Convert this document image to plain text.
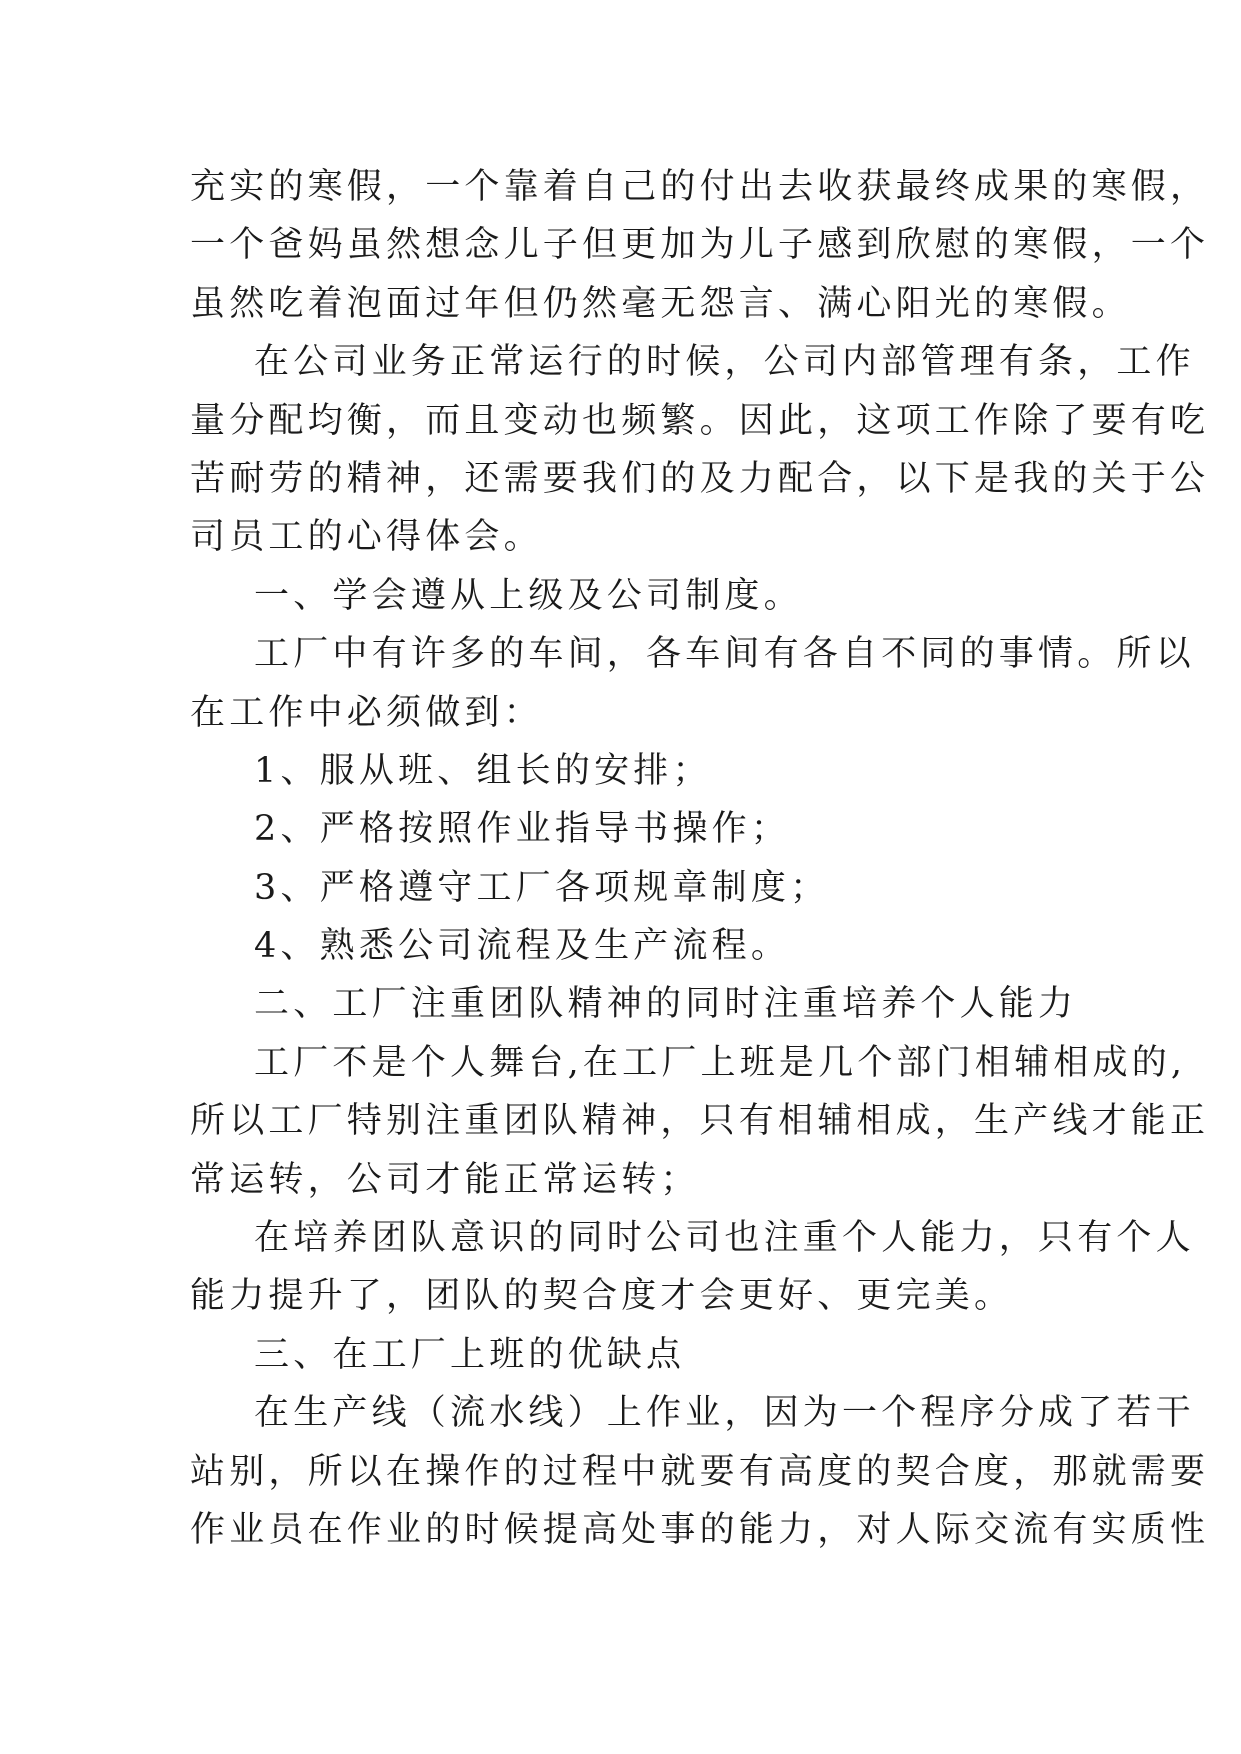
充实的寒假，一个靠着自己的付出去收获最终成果的寒假，
一个爸妈虽然想念儿子但更加为儿子感到欣慰的寒假，一个
虽然吃着泡面过年但仍然毫无怨言、满心阳光的寒假。
在公司业务正常运行的时候，公司内部管理有条，工作
量分配均衡，而且变动也频繁。因此，这项工作除了要有吃
苦耐劳的精神，还需要我们的及力配合，以下是我的关于公
司员工的心得体会。
一、学会遵从上级及公司制度。
工厂中有许多的车间，各车间有各自不同的事情。所以
在工作中必须做到：
1、服从班、组长的安排；
2、严格按照作业指导书操作；
3、严格遵守工厂各项规章制度；
4、熟悉公司流程及生产流程。
二、工厂注重团队精神的同时注重培养个人能力
工厂不是个人舞台,在工厂上班是几个部门相辅相成的,
所以工厂特别注重团队精神，只有相辅相成，生产线才能正
常运转，公司才能正常运转；
在培养团队意识的同时公司也注重个人能力，只有个人
能力提升了，团队的契合度才会更好、更完美。
三、在工厂上班的优缺点
在生产线（流水线）上作业，因为一个程序分成了若干
站别，所以在操作的过程中就要有高度的契合度，那就需要
作业员在作业的时候提高处事的能力，对人际交流有实质性
